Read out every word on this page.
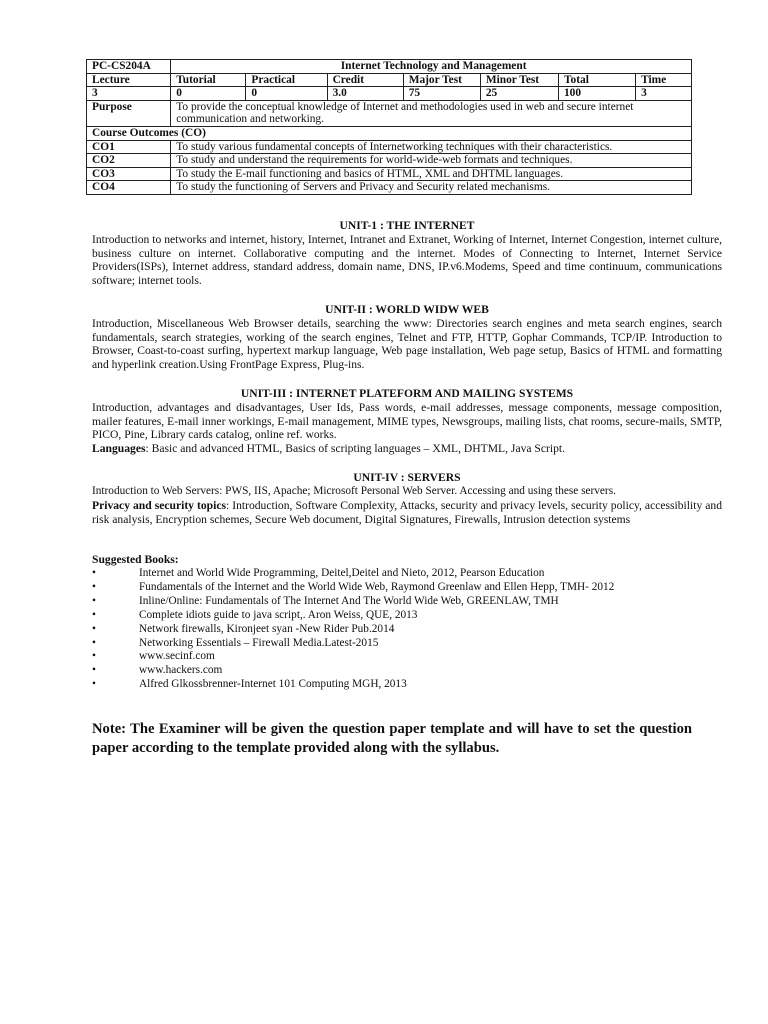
PC-CS204A	Internet Technology and Management						
Lecture	Tutorial	Practical	Credit	Major Test	Minor Test	Total	Time
3	0	0	3.0	75	25	100	3
Purpose	To provide the conceptual knowledge of Internet and methodologies used in web and secure internet communication and networking.						
Course Outcomes (CO)							
CO1	To study various fundamental concepts of Internetworking techniques with their characteristics.						
CO2	To study and understand the requirements for world-wide-web formats and techniques.						
CO3	To study the E-mail functioning and basics of HTML, XML and DHTML languages.						
CO4	To study the functioning of Servers and Privacy and Security related mechanisms.						
UNIT-1 : THE INTERNET
Introduction to networks and internet, history, Internet, Intranet and Extranet, Working of Internet, Internet Congestion, internet culture, business culture on internet. Collaborative computing and the internet. Modes of Connecting to Internet, Internet Service Providers(ISPs), Internet address, standard address, domain name, DNS, IP.v6.Modems, Speed and time continuum, communications software; internet tools.
UNIT-II : WORLD WIDW WEB
Introduction, Miscellaneous Web Browser details, searching the www: Directories search engines and meta search engines, search fundamentals, search strategies, working of the search engines, Telnet and FTP, HTTP, Gophar Commands, TCP/IP. Introduction to Browser, Coast-to-coast surfing, hypertext markup language, Web page installation, Web page setup, Basics of HTML and formatting and hyperlink creation.Using FrontPage Express, Plug-ins.
UNIT-III : INTERNET PLATEFORM AND MAILING SYSTEMS
Introduction, advantages and disadvantages, User Ids, Pass words, e-mail addresses, message components, message composition, mailer features, E-mail inner workings, E-mail management, MIME types, Newsgroups, mailing lists, chat rooms, secure-mails, SMTP, PICO, Pine, Library cards catalog, online ref. works.
Languages: Basic and advanced HTML, Basics of scripting languages – XML, DHTML, Java Script.
UNIT-IV : SERVERS
Introduction to Web Servers: PWS, IIS, Apache; Microsoft Personal Web Server. Accessing and using these servers.
Privacy and security topics: Introduction, Software Complexity, Attacks, security and privacy levels, security policy, accessibility and risk analysis, Encryption schemes, Secure Web document, Digital Signatures, Firewalls, Intrusion detection systems
Suggested Books:
•	Internet and World Wide Programming, Deitel,Deitel and Nieto, 2012, Pearson Education
•	Fundamentals of the Internet and the World Wide Web, Raymond Greenlaw and Ellen Hepp, TMH- 2012
•	Inline/Online: Fundamentals of The Internet And The World Wide Web, GREENLAW, TMH
•	Complete idiots guide to java script,. Aron Weiss, QUE, 2013
•	Network firewalls, Kironjeet syan -New Rider Pub.2014
•	Networking Essentials – Firewall Media.Latest-2015
•	www.secinf.com
•	www.hackers.com
•	Alfred Glkossbrenner-Internet 101 Computing MGH, 2013
Note: The Examiner will be given the question paper template and will have to set the question paper according to the template provided along with the syllabus.
